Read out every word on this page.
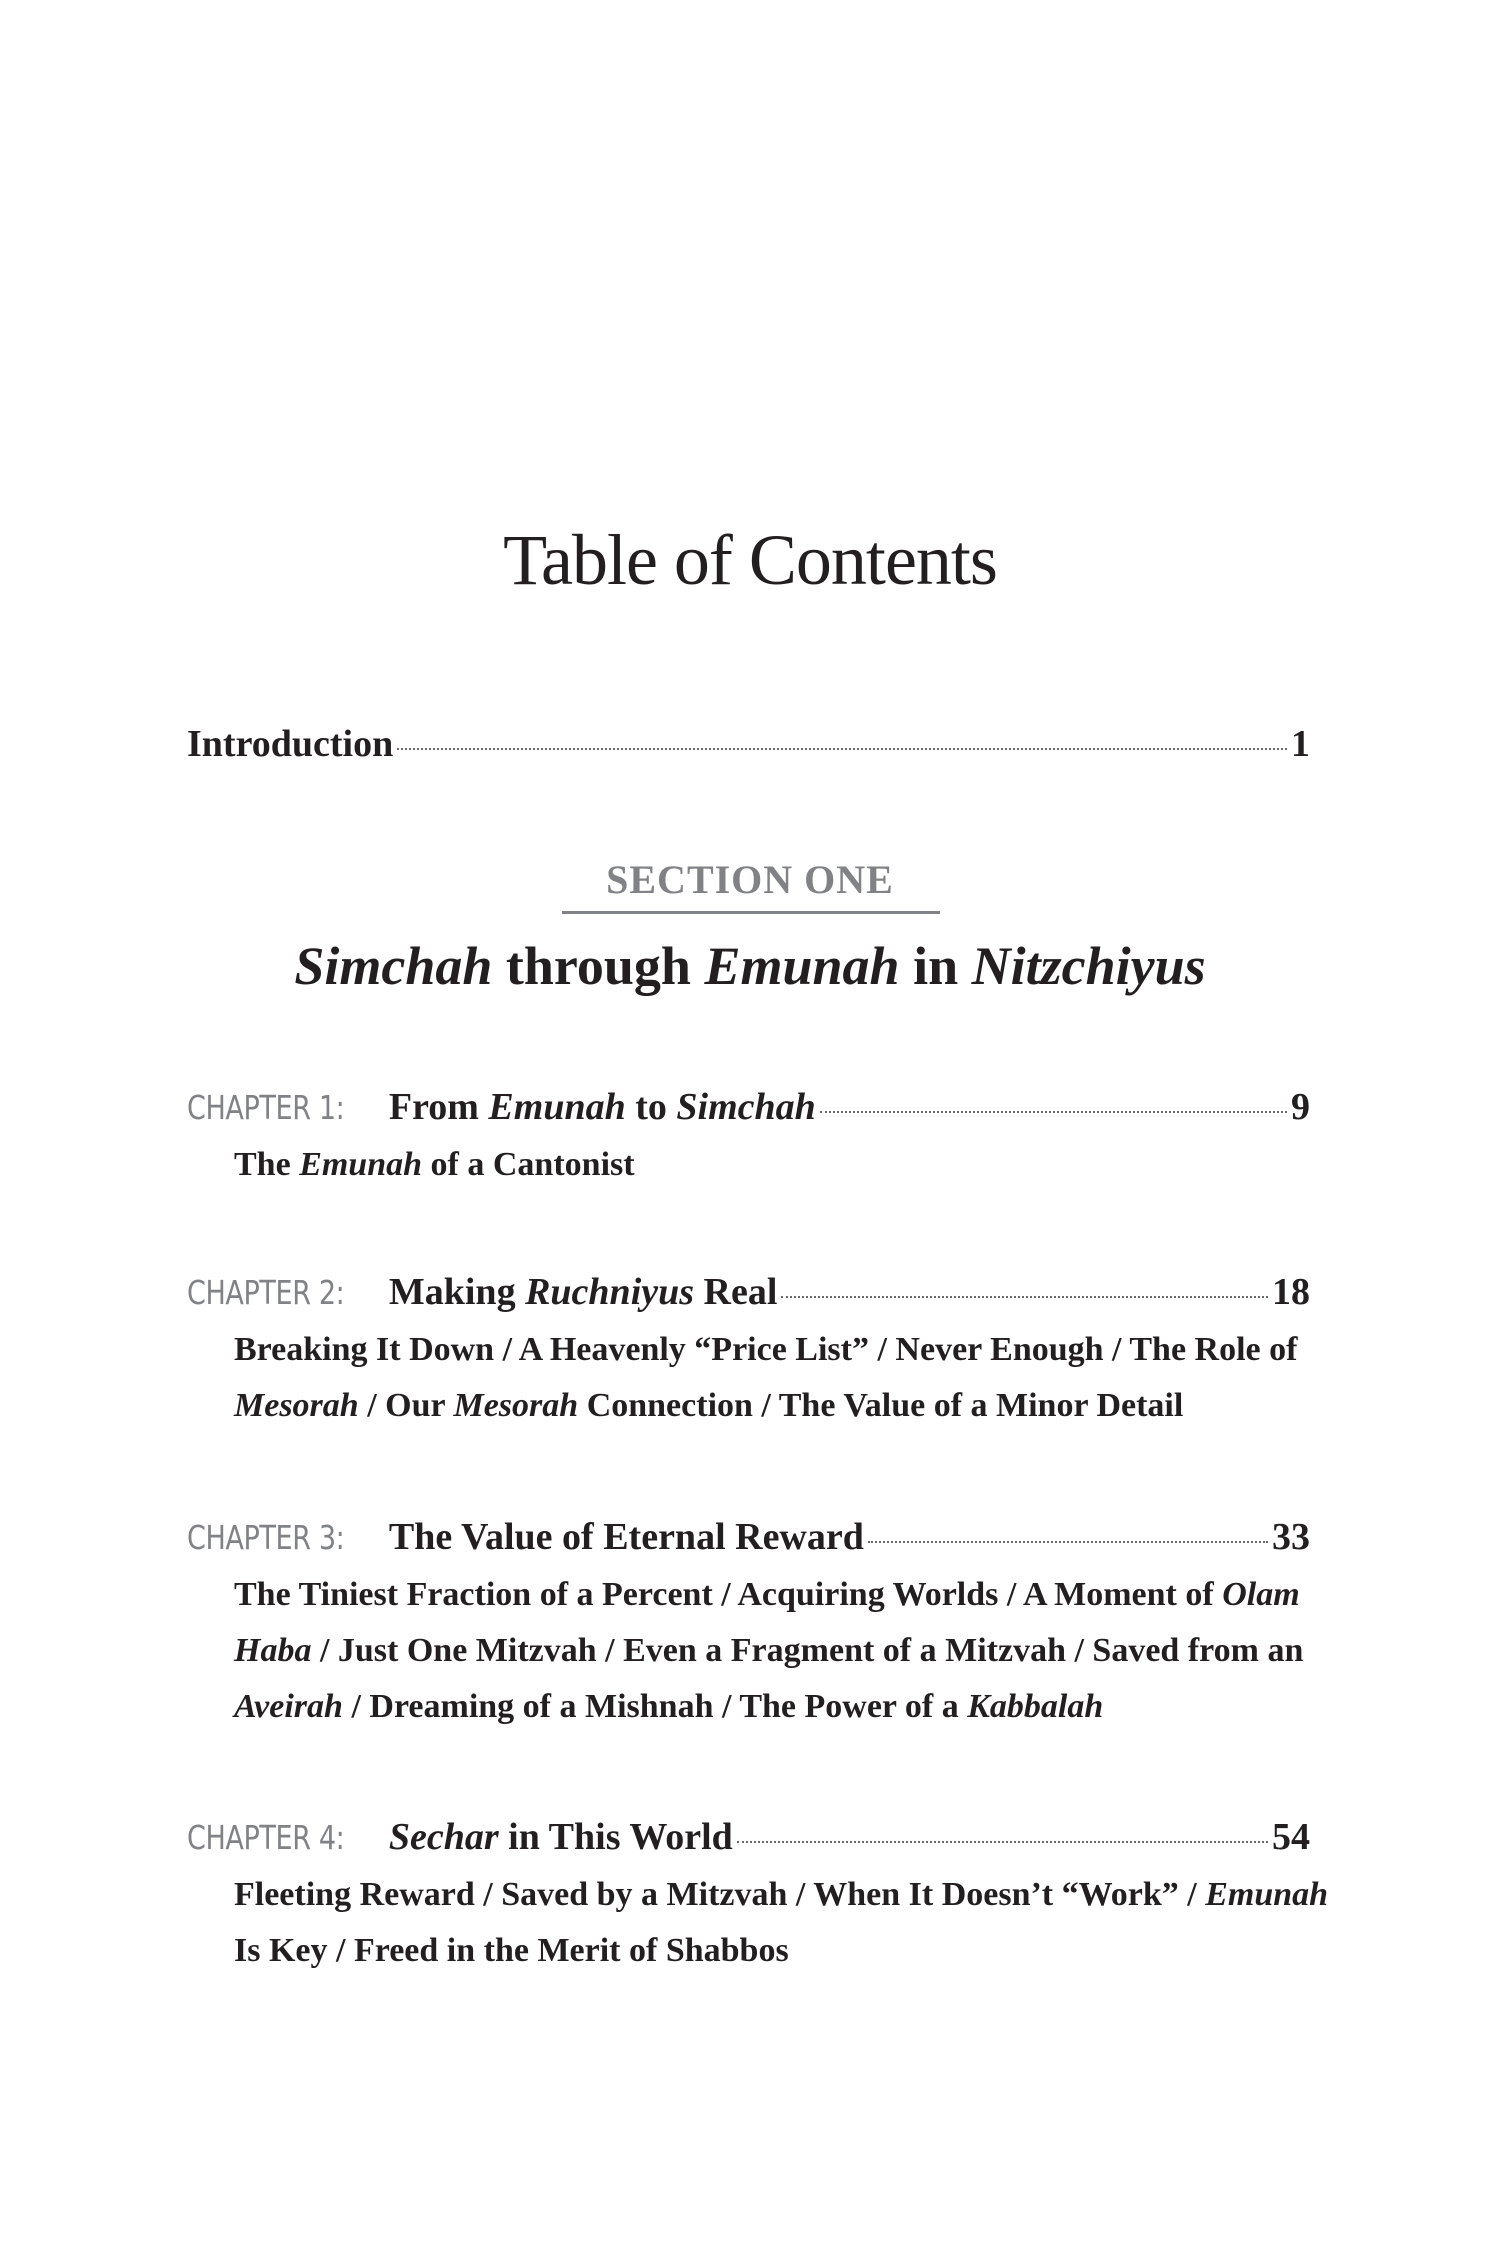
Table of Contents
Introduction	1
SECTION ONE
Simchah through Emunah in Nitzchiyus
CHAPTER 1: From Emunah to Simchah	9
The Emunah of a Cantonist
CHAPTER 2: Making Ruchniyus Real	18
Breaking It Down / A Heavenly “Price List” / Never Enough / The Role of
Mesorah / Our Mesorah Connection / The Value of a Minor Detail
CHAPTER 3: The Value of Eternal Reward	33
The Tiniest Fraction of a Percent / Acquiring Worlds / A Moment of Olam
Haba / Just One Mitzvah / Even a Fragment of a Mitzvah / Saved from an
Aveirah / Dreaming of a Mishnah / The Power of a Kabbalah
CHAPTER 4: Sechar in This World	54
Fleeting Reward / Saved by a Mitzvah / When It Doesn’t “Work” / Emunah
Is Key / Freed in the Merit of Shabbos
